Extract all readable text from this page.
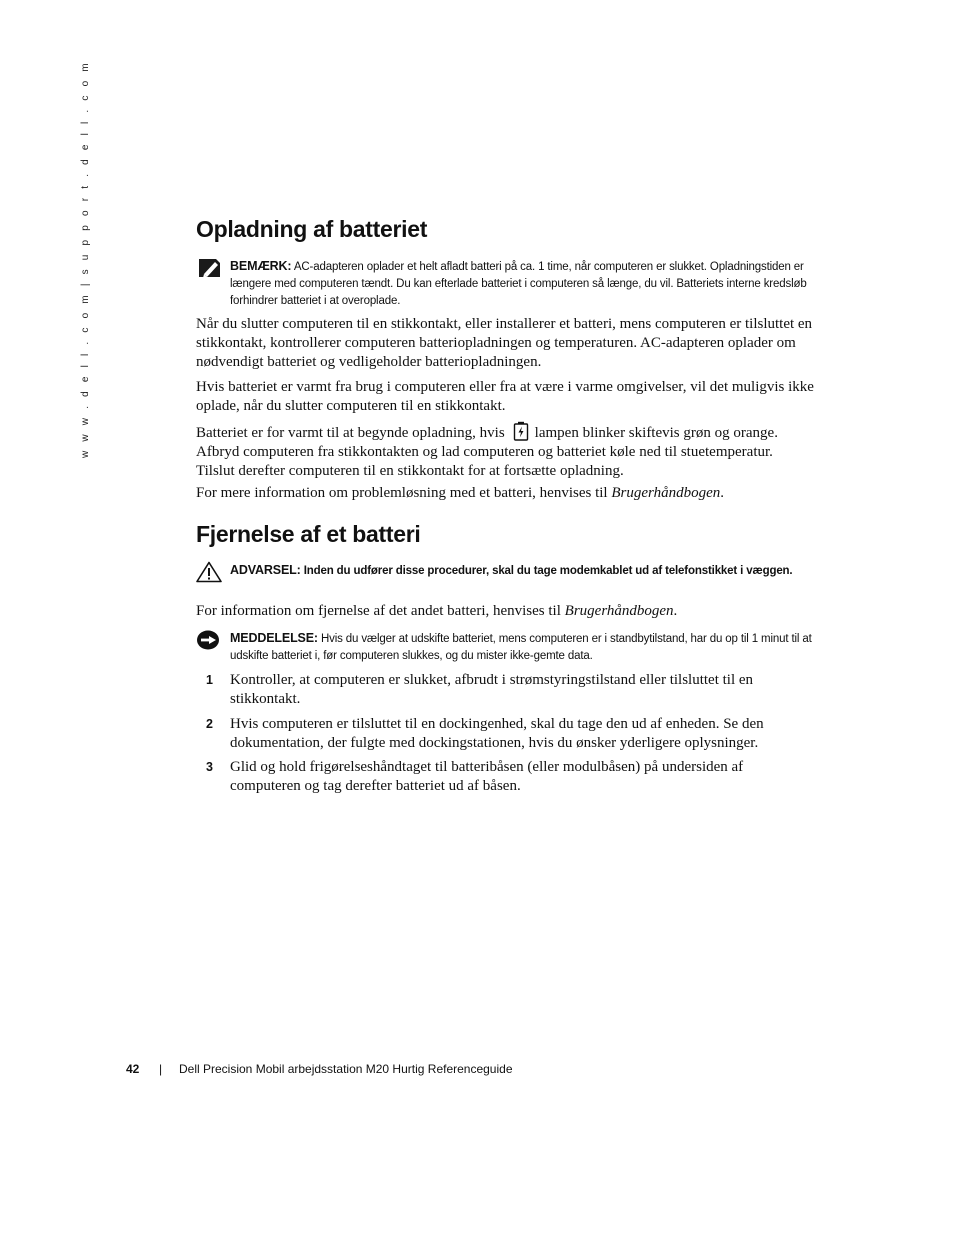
w w w . d e l l . c o m | s u p p o r t . d e l l . c o m	Opladning af batteriet
BEMÆRK: AC-adapteren oplader et helt afladt batteri på ca. 1 time, når computeren er slukket. Opladningstiden er længere med computeren tændt. Du kan efterlade batteriet i computeren så længe, du vil. Batteriets interne kredsløb forhindrer batteriet i at overoplade.

Når du slutter computeren til en stikkontakt, eller installerer et batteri, mens computeren er tilsluttet en stikkontakt, kontrollerer computeren batteriopladningen og temperaturen. AC-adapteren oplader om nødvendigt batteriet og vedligeholder batteriopladningen.

Hvis batteriet er varmt fra brug i computeren eller fra at være i varme omgivelser, vil det muligvis ikke oplade, når du slutter computeren til en stikkontakt.

Batteriet er for varmt til at begynde opladning, hvis lampen blinker skiftevis grøn og orange. Afbryd computeren fra stikkontakten og lad computeren og batteriet køle ned til stuetemperatur. Tilslut derefter computeren til en stikkontakt for at fortsætte opladning.

For mere information om problemløsning med et batteri, henvises til Brugerhåndbogen.

Fjernelse af et batteri
ADVARSEL: Inden du udfører disse procedurer, skal du tage modemkablet ud af telefonstikket i væggen.

For information om fjernelse af det andet batteri, henvises til Brugerhåndbogen.

MEDDELELSE: Hvis du vælger at udskifte batteriet, mens computeren er i standbytilstand, har du op til 1 minut til at udskifte batteriet i, før computeren slukkes, og du mister ikke-gemte data.
1 Kontroller, at computeren er slukket, afbrudt i strømstyringstilstand eller tilsluttet til en stikkontakt.
2 Hvis computeren er tilsluttet til en dockingenhed, skal du tage den ud af enheden. Se den dokumentation, der fulgte med dockingstationen, hvis du ønsker yderligere oplysninger.
3 Glid og hold frigørelseshåndtaget til batteribåsen (eller modulbåsen) på undersiden af computeren og tag derefter batteriet ud af båsen.
42 | Dell Precision Mobil arbejdsstation M20 Hurtig Referenceguide
